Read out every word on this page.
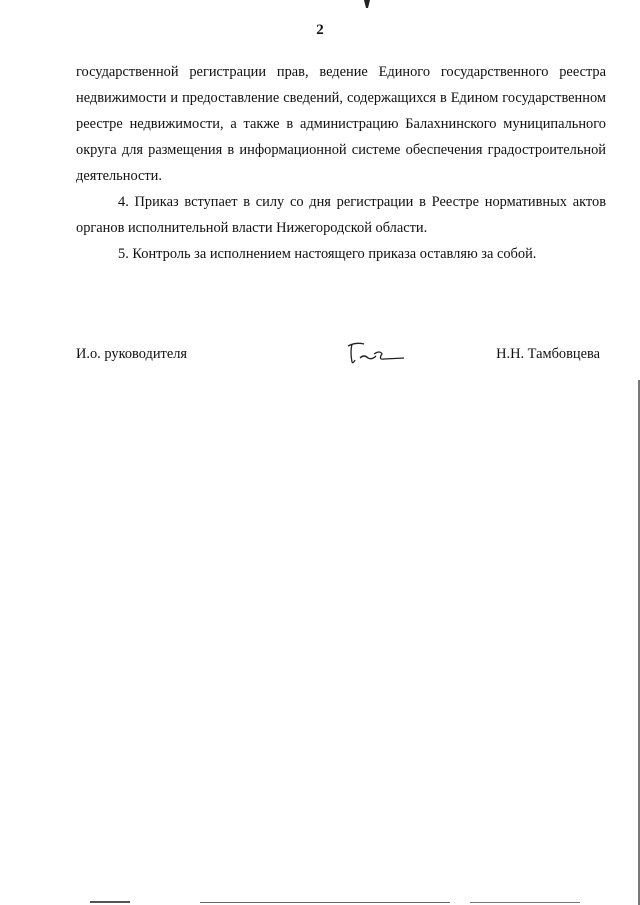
2
государственной регистрации прав, ведение Единого государственного реестра недвижимости и предоставление сведений, содержащихся в Едином государственном реестре недвижимости, а также в администрацию Балахнинского муниципального округа для размещения в информационной системе обеспечения градостроительной деятельности.
4. Приказ вступает в силу со дня регистрации в Реестре нормативных актов органов исполнительной власти Нижегородской области.
5. Контроль за исполнением настоящего приказа оставляю за собой.
И.о. руководителя	Н.Н. Тамбовцева
